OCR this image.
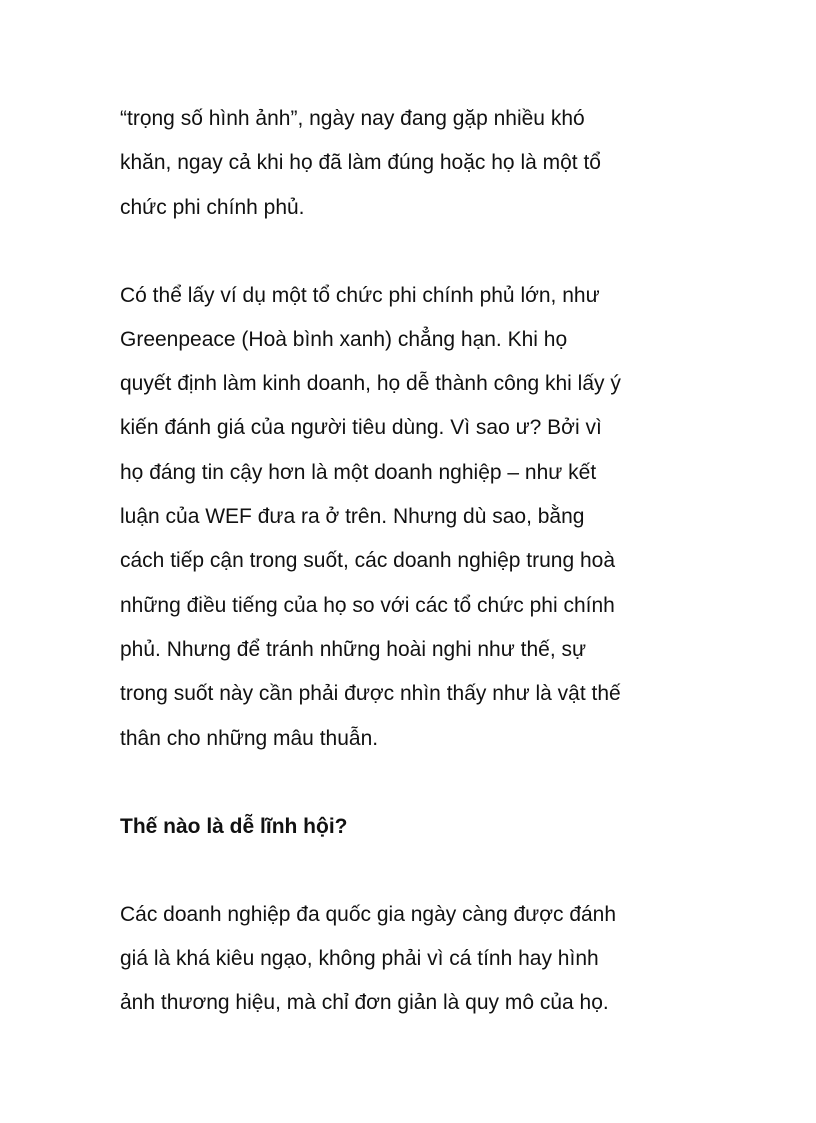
“trọng số hình ảnh”, ngày nay đang gặp nhiều khó

khăn, ngay cả khi họ đã làm đúng hoặc họ là một tổ

chức phi chính phủ.

Có thể lấy ví dụ một tổ chức phi chính phủ lớn, như

Greenpeace (Hoà bình xanh) chẳng hạn. Khi họ

quyết định làm kinh doanh, họ dễ thành công khi lấy ý

kiến đánh giá của người tiêu dùng. Vì sao ư? Bởi vì

họ đáng tin cậy hơn là một doanh nghiệp – như kết

luận của WEF đưa ra ở trên. Nhưng dù sao, bằng

cách tiếp cận trong suốt, các doanh nghiệp trung hoà

những điều tiếng của họ so với các tổ chức phi chính

phủ. Nhưng để tránh những hoài nghi như thế, sự

trong suốt này cần phải được nhìn thấy như là vật thế

thân cho những mâu thuẫn.

Thế nào là dễ lĩnh hội?

Các doanh nghiệp đa quốc gia ngày càng được đánh

giá là khá kiêu ngạo, không phải vì cá tính hay hình

ảnh thương hiệu, mà chỉ đơn giản là quy mô của họ.
